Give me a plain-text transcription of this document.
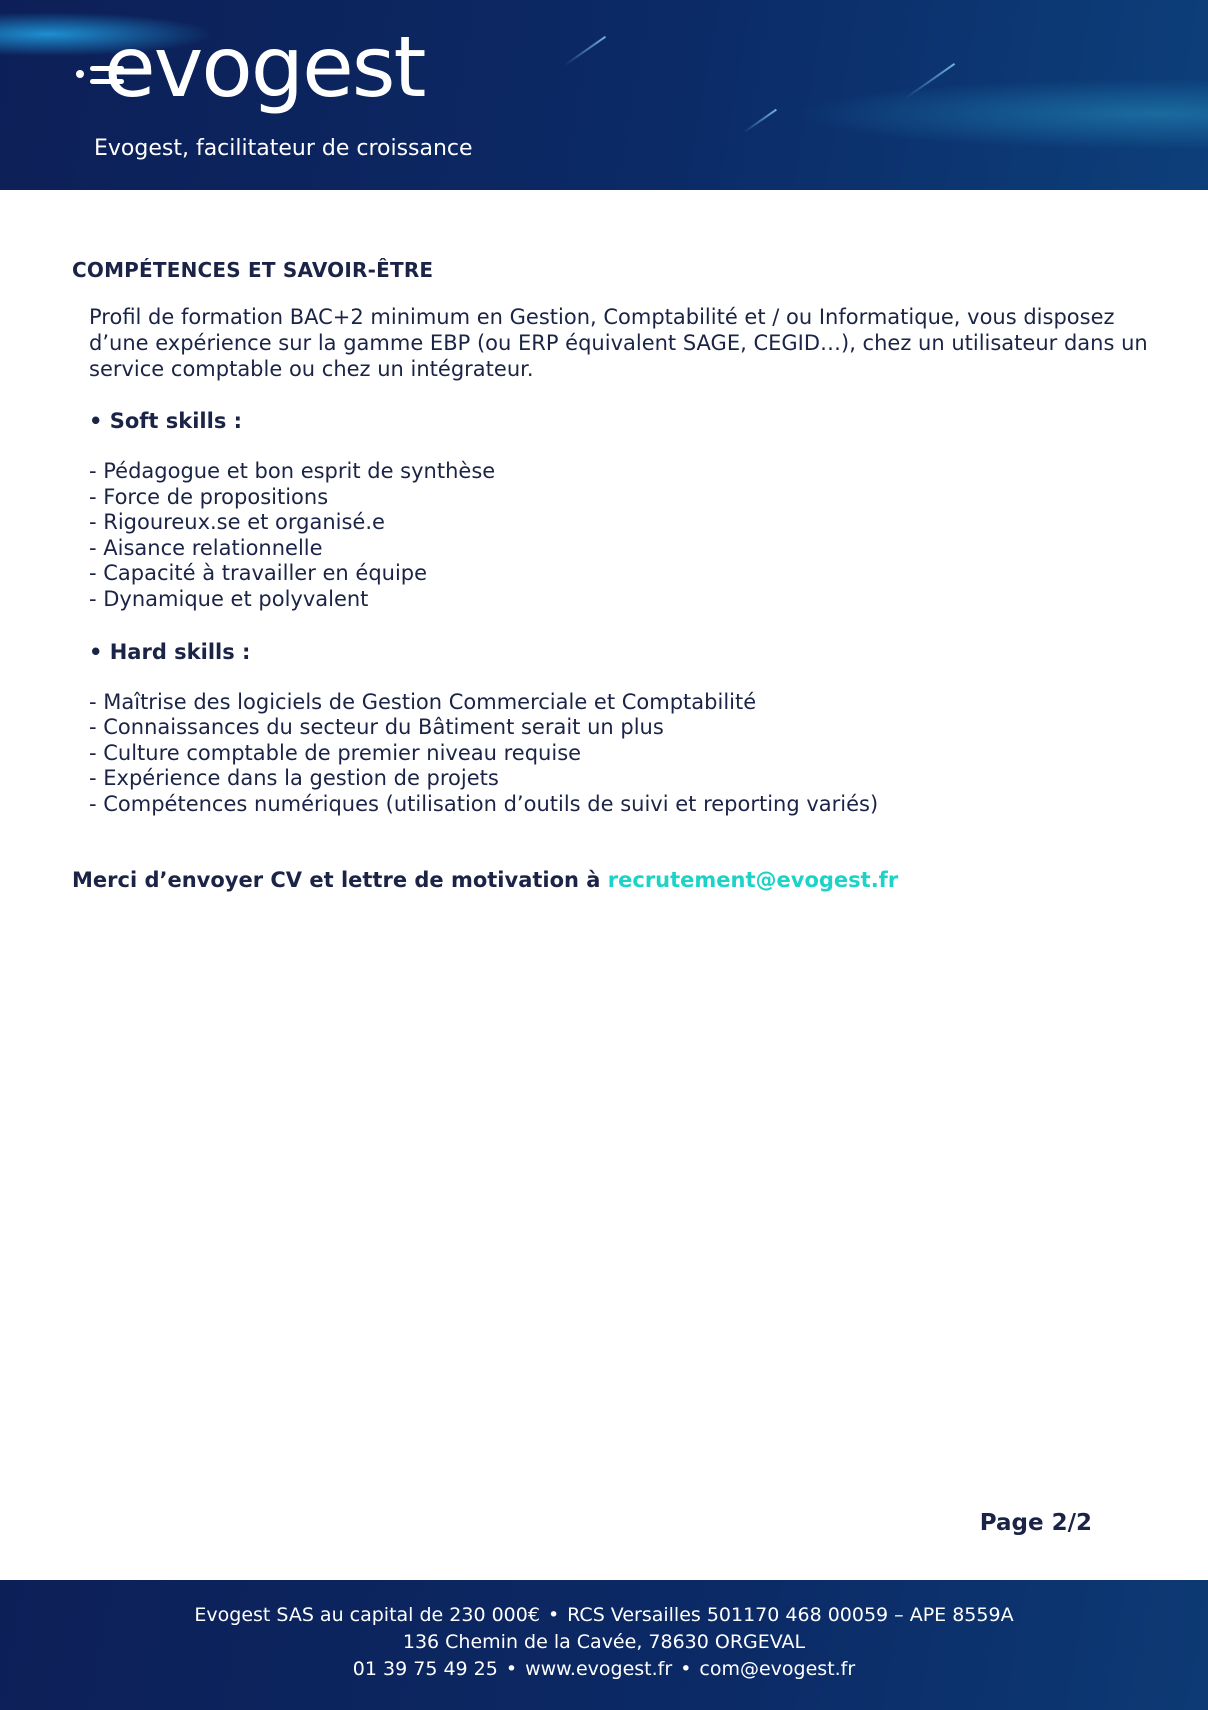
evogest
Evogest, facilitateur de croissance
COMPÉTENCES ET SAVOIR-ÊTRE

Profil de formation BAC+2 minimum en Gestion, Comptabilité et / ou Informatique, vous disposez d’une expérience sur la gamme EBP (ou ERP équivalent SAGE, CEGID…), chez un utilisateur dans un service comptable ou chez un intégrateur.

• Soft skills :
- Pédagogue et bon esprit de synthèse
- Force de propositions
- Rigoureux.se et organisé.e
- Aisance relationnelle
- Capacité à travailler en équipe
- Dynamique et polyvalent
• Hard skills :
- Maîtrise des logiciels de Gestion Commerciale et Comptabilité
- Connaissances du secteur du Bâtiment serait un plus
- Culture comptable de premier niveau requise
- Expérience dans la gestion de projets
- Compétences numériques (utilisation d’outils de suivi et reporting variés)
Merci d’envoyer CV et lettre de motivation à recrutement@evogest.fr
Page 2/2

Evogest SAS au capital de 230 000€ • RCS Versailles 501170 468 00059 – APE 8559A

136 Chemin de la Cavée, 78630 ORGEVAL

01 39 75 49 25 • www.evogest.fr • com@evogest.fr
